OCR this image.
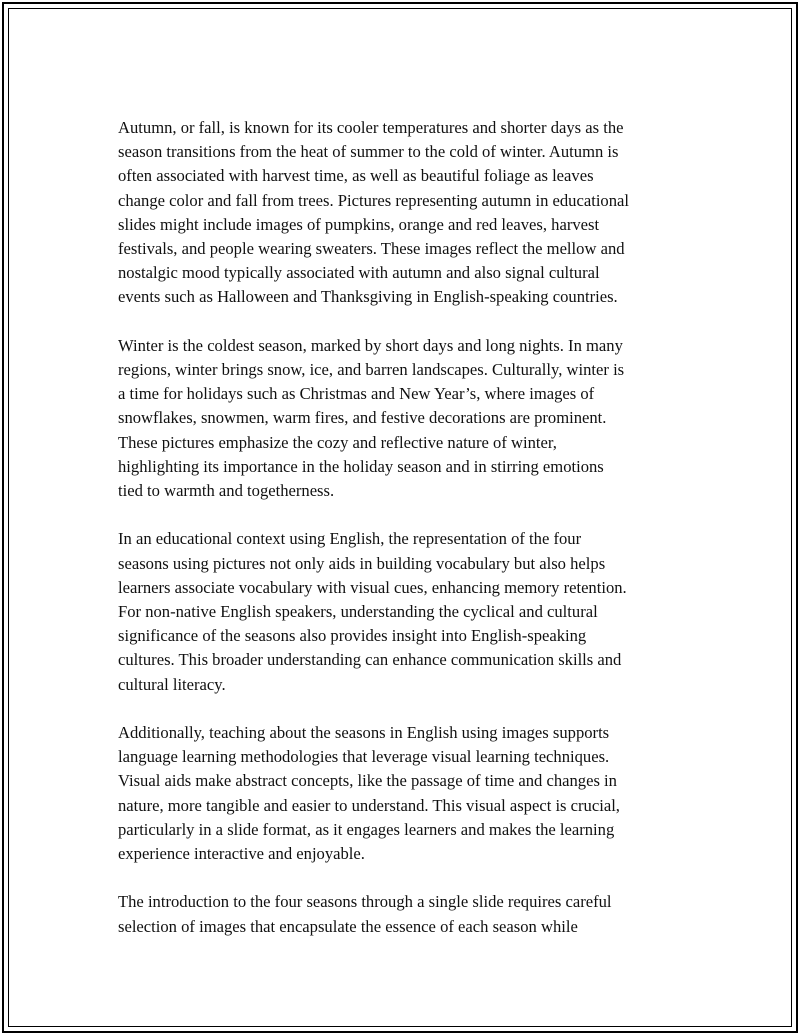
Autumn, or fall, is known for its cooler temperatures and shorter days as the
season transitions from the heat of summer to the cold of winter. Autumn is
often associated with harvest time, as well as beautiful foliage as leaves
change color and fall from trees. Pictures representing autumn in educational
slides might include images of pumpkins, orange and red leaves, harvest
festivals, and people wearing sweaters. These images reflect the mellow and
nostalgic mood typically associated with autumn and also signal cultural
events such as Halloween and Thanksgiving in English-speaking countries.

Winter is the coldest season, marked by short days and long nights. In many
regions, winter brings snow, ice, and barren landscapes. Culturally, winter is
a time for holidays such as Christmas and New Year’s, where images of
snowflakes, snowmen, warm fires, and festive decorations are prominent.
These pictures emphasize the cozy and reflective nature of winter,
highlighting its importance in the holiday season and in stirring emotions
tied to warmth and togetherness.

In an educational context using English, the representation of the four
seasons using pictures not only aids in building vocabulary but also helps
learners associate vocabulary with visual cues, enhancing memory retention.
For non-native English speakers, understanding the cyclical and cultural
significance of the seasons also provides insight into English-speaking
cultures. This broader understanding can enhance communication skills and
cultural literacy.

Additionally, teaching about the seasons in English using images supports
language learning methodologies that leverage visual learning techniques.
Visual aids make abstract concepts, like the passage of time and changes in
nature, more tangible and easier to understand. This visual aspect is crucial,
particularly in a slide format, as it engages learners and makes the learning
experience interactive and enjoyable.

The introduction to the four seasons through a single slide requires careful
selection of images that encapsulate the essence of each season while
